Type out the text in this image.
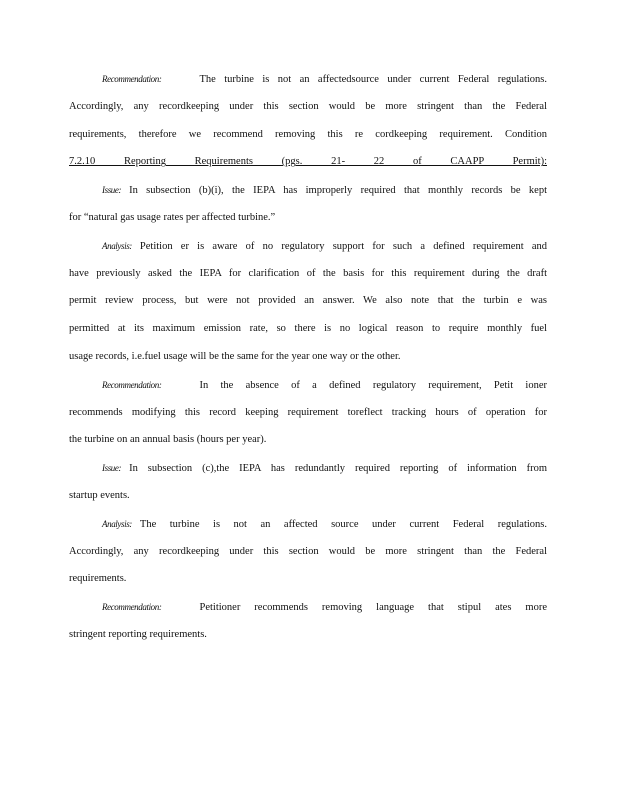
Recommendation:	The turbine is not an affectedsource under current Federal regulations.
Accordingly, any recordkeeping under this section would be more stringent than the Federal
requirements, therefore we recommend removing this re cordkeeping requirement. Condition
7.2.10 Reporting Requirements (pgs. 21- 22 of CAAPP Permit):
Issue: In subsection (b)(i), the IEPA has improperly required that monthly records be kept
for “natural gas usage rates per affected turbine.”
Analysis: Petition er is aware of no regulatory support for such a defined requirement and
have previously asked the IEPA for clarification of the basis for this requirement during the draft
permit review process, but were not provided an answer. We also note that the turbin e was
permitted at its maximum emission rate, so there is no logical reason to require monthly fuel
usage records, i.e.fuel usage will be the same for the year one way or the other.
Recommendation:	In the absence of a defined regulatory requirement, Petit ioner
recommends modifying this record keeping requirement toreflect tracking hours of operation for
the turbine on an annual basis (hours per year).
Issue: In subsection (c),the IEPA has redundantly required reporting of information from
startup events.
Analysis: The turbine is not an affected source under current Federal regulations.
Accordingly, any recordkeeping under this section would be more stringent than the Federal
requirements.
Recommendation:	Petitioner recommends removing language that stipul ates more
stringent reporting requirements.
